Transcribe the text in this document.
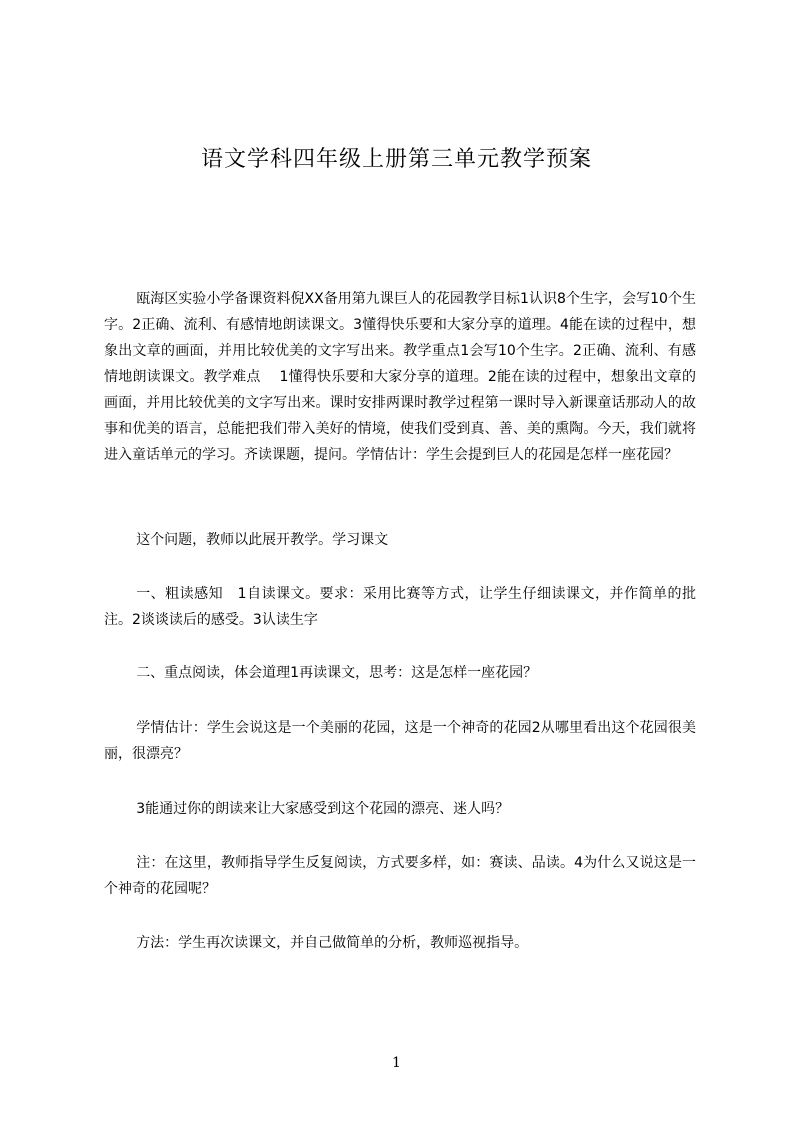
语文学科四年级上册第三单元教学预案

瓯海区实验小学备课资料倪XX备用第九课巨人的花园教学目标1认识8个生字，会写10个生字。2正确、流利、有感情地朗读课文。3懂得快乐要和大家分享的道理。4能在读的过程中，想象出文章的画面，并用比较优美的文字写出来。教学重点1会写10个生字。2正确、流利、有感情地朗读课文。教学难点　 1懂得快乐要和大家分享的道理。2能在读的过程中，想象出文章的画面，并用比较优美的文字写出来。课时安排两课时教学过程第一课时导入新课童话那动人的故事和优美的语言，总能把我们带入美好的情境，使我们受到真、善、美的熏陶。今天，我们就将进入童话单元的学习。齐读课题，提问。学情估计：学生会提到巨人的花园是怎样一座花园？

这个问题，教师以此展开教学。学习课文

一、粗读感知　1自读课文。要求：采用比赛等方式，让学生仔细读课文，并作简单的批注。2谈谈读后的感受。3认读生字

二、重点阅读，体会道理1再读课文，思考：这是怎样一座花园？

学情估计：学生会说这是一个美丽的花园，这是一个神奇的花园2从哪里看出这个花园很美丽，很漂亮？

3能通过你的朗读来让大家感受到这个花园的漂亮、迷人吗？

注：在这里，教师指导学生反复阅读，方式要多样，如：赛读、品读。4为什么又说这是一个神奇的花园呢？

方法：学生再次读课文，并自己做简单的分析，教师巡视指导。

1
